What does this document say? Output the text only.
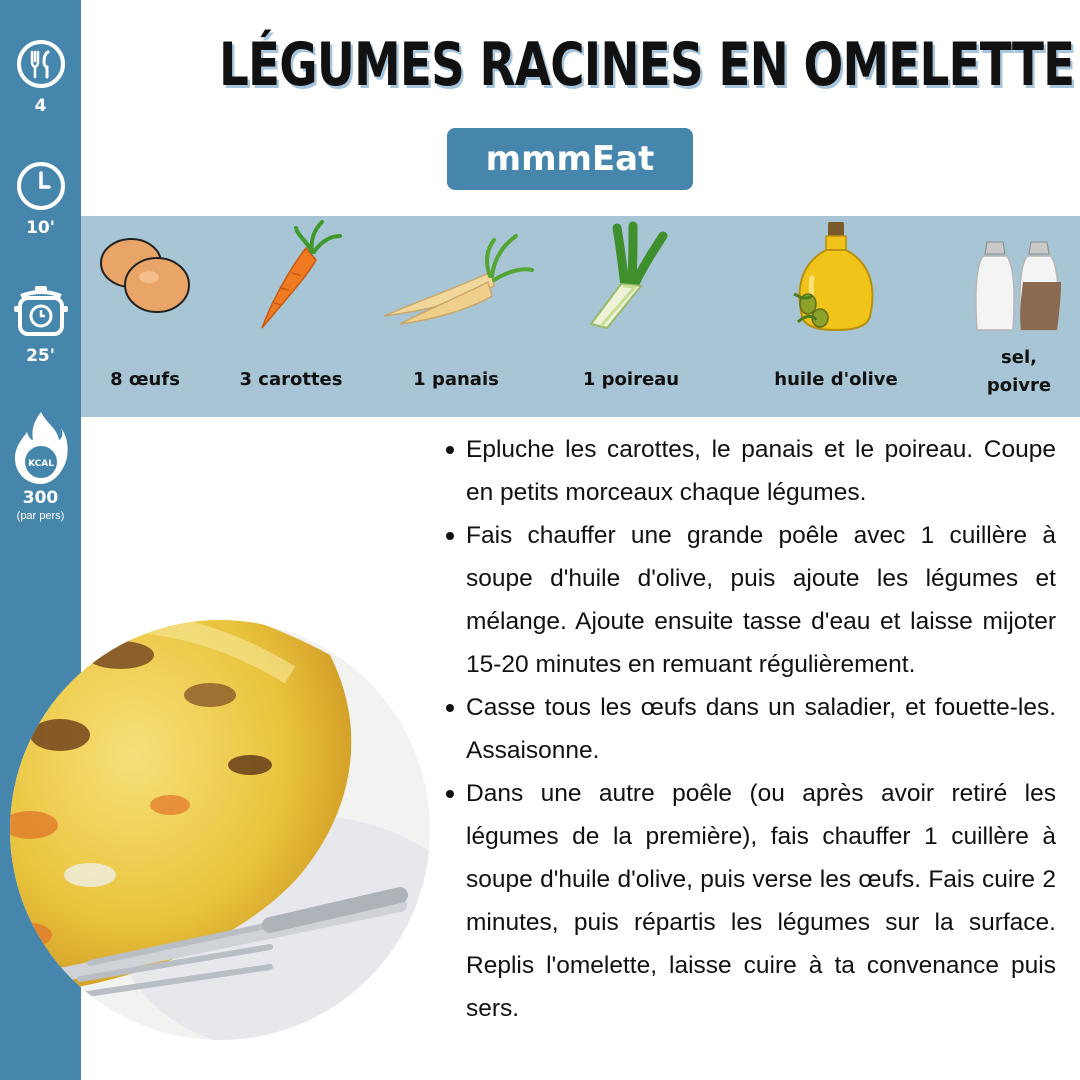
4
10'
25'
KCAL
300
(par pers)
LÉGUMES RACINES EN OMELETTE
mmmEat
8 œufs	3 carottes	1 panais	1 poireau	huile d'olive
sel, poivre
Epluche les carottes, le panais et le poireau. Coupe en petits morceaux chaque légumes.
Fais chauffer une grande poêle avec 1 cuillère à soupe d'huile d'olive, puis ajoute les légumes et mélange. Ajoute ensuite tasse d'eau et laisse mijoter 15-20 minutes en remuant régulièrement.
Casse tous les œufs dans un saladier, et fouette-les. Assaisonne.
Dans une autre poêle (ou après avoir retiré les légumes de la première), fais chauffer 1 cuillère à soupe d'huile d'olive, puis verse les œufs. Fais cuire 2 minutes, puis répartis les légumes sur la surface. Replis l'omelette, laisse cuire à ta convenance puis sers.
